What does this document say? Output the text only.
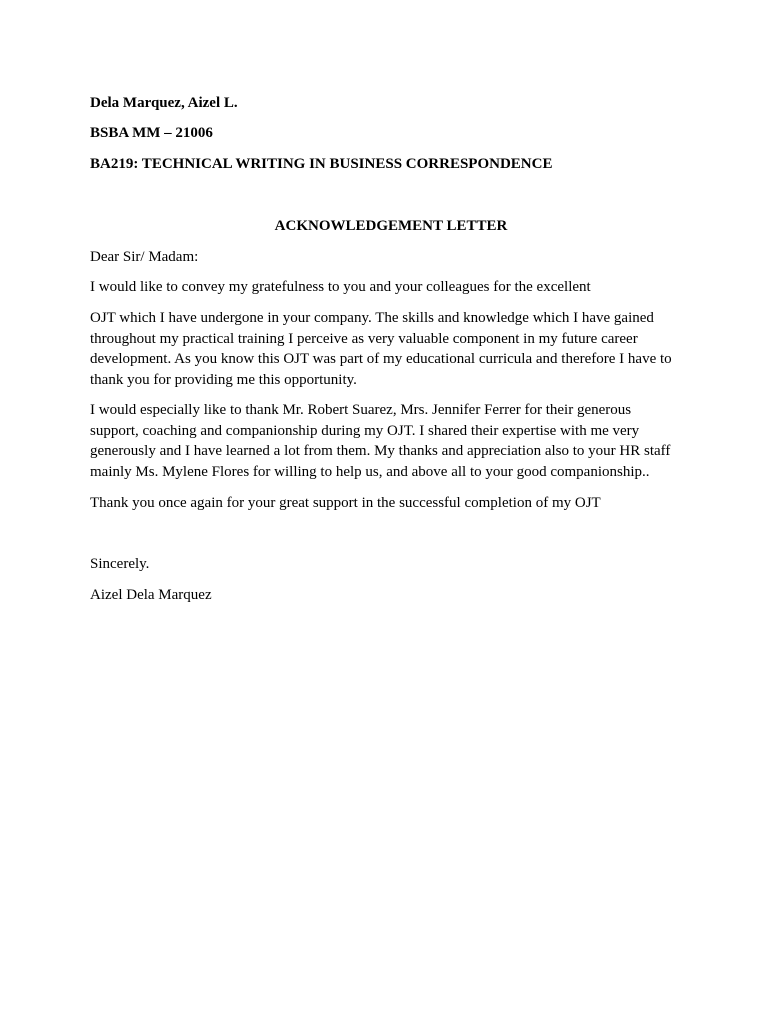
Dela Marquez, Aizel L.
BSBA MM – 21006
BA219: TECHNICAL WRITING IN BUSINESS CORRESPONDENCE
ACKNOWLEDGEMENT LETTER
Dear Sir/ Madam:
I would like to convey my gratefulness to you and your colleagues for the excellent
OJT which I have undergone in your company. The skills and knowledge which I have gained
throughout my practical training I perceive as very valuable component in my future career
development. As you know this OJT was part of my educational curricula and therefore I have to
thank you for providing me this opportunity.
I would especially like to thank Mr. Robert Suarez, Mrs. Jennifer Ferrer for their generous
support, coaching and companionship during my OJT. I shared their expertise with me very
generously and I have learned a lot from them. My thanks and appreciation also to your HR staff
mainly Ms. Mylene Flores for willing to help us, and above all to your good companionship..
Thank you once again for your great support in the successful completion of my OJT
Sincerely.
Aizel Dela Marquez
